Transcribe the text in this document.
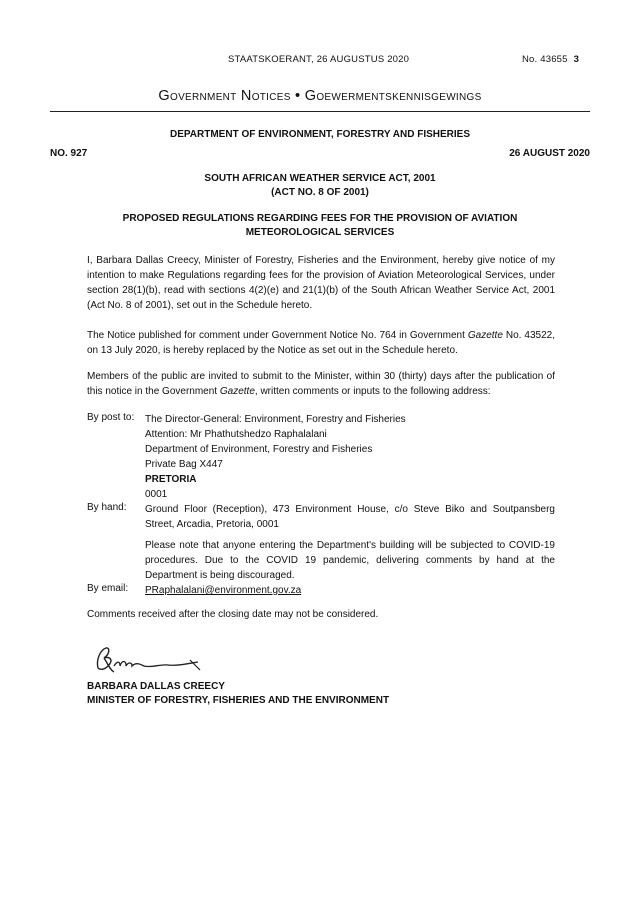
STAATSKOERANT, 26 AUGUSTUS 2020	No. 43655 3
Government Notices • Goewermentskennisgewings
DEPARTMENT OF ENVIRONMENT, FORESTRY AND FISHERIES
NO. 927	26 AUGUST 2020
SOUTH AFRICAN WEATHER SERVICE ACT, 2001
(ACT NO. 8 OF 2001)
PROPOSED REGULATIONS REGARDING FEES FOR THE PROVISION OF AVIATION METEOROLOGICAL SERVICES
I, Barbara Dallas Creecy, Minister of Forestry, Fisheries and the Environment, hereby give notice of my intention to make Regulations regarding fees for the provision of Aviation Meteorological Services, under section 28(1)(b), read with sections 4(2)(e) and 21(1)(b) of the South African Weather Service Act, 2001 (Act No. 8 of 2001), set out in the Schedule hereto.
The Notice published for comment under Government Notice No. 764 in Government Gazette No. 43522, on 13 July 2020, is hereby replaced by the Notice as set out in the Schedule hereto.
Members of the public are invited to submit to the Minister, within 30 (thirty) days after the publication of this notice in the Government Gazette, written comments or inputs to the following address:
By post to: The Director-General: Environment, Forestry and Fisheries
Attention: Mr Phathutshedzo Raphalalani
Department of Environment, Forestry and Fisheries
Private Bag X447
PRETORIA
0001
By hand: Ground Floor (Reception), 473 Environment House, c/o Steve Biko and Soutpansberg Street, Arcadia, Pretoria, 0001
Please note that anyone entering the Department's building will be subjected to COVID-19 procedures. Due to the COVID 19 pandemic, delivering comments by hand at the Department is being discouraged.
By email: PRaphalalani@environment.gov.za
Comments received after the closing date may not be considered.
BARBARA DALLAS CREECY
MINISTER OF FORESTRY, FISHERIES AND THE ENVIRONMENT
